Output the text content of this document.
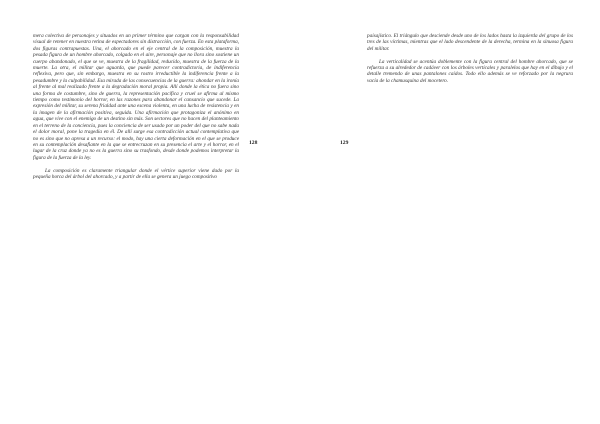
mera colectiva de personajes y situados en un primer término que cargan con la responsabilidad visual de retener en nuestra retina de espectadores sin distracción, con fuerza. En esta plataforma, dos figuras contrapuestas. Una, el ahorcado en el eje central de la composición, muestra la pesada figura de un hombre ahorcado, colgado en el aire, personaje que no llora sino sostiene un cuerpo abandonado, el que se ve, muestra de la fragilidad, reducido, muestra de la fuerza de la muerte. La otra, el militar que aguarda, que puede parecer contradictoria, de indiferencia reflexiva, pero que, sin embargo, muestra en su rostro irreductible la indiferencia frente a la pesadumbre y la culpabilidad. Esa mirada de las consecuencias de la guerra: ahondar en la ironía al frente al mal realizado frente a la degradación moral propia. Allí donde la ética no fuera sino una forma de costumbre, sino de guerra, la representación pacífica y cruel se afirma al mismo tiempo como testimonio del horror, en las razones para abandonar el cansancio que sucede. La expresión del militar, su serena frialdad ante una escena violenta, en una lucha de resistencia y en la imagen de la afirmación positiva, seguida. Una afirmación que protagoniza el anónimo en agua, que vive con el enemigo de un destino sin más. Son sectores que no hacen del planteamiento en el terreno de la conciencia, pues la conciencia de ser usado por un poder del que no sabe nada el dolor moral, pone la tragedia en él. De allí surge esa contradicción actual contemplativa que no es sino que no apresa a un recurso: el modo, hay una cierta deformación en el que se produce en su contemplación desafiante en la que se entrecruzan en su presencia el arte y el horror, en el lugar de la cruz donde ya no es la guerra sino su trasfondo, desde donde podemos interpretar la figura de la fuerza de la ley.

La composición es claramente triangular donde el vértice superior viene dado por la pequeña horca del árbol del ahorcado, y a partir de ella se genera un juego compositivo

128	129

paisajístico. El triángulo que desciende desde uno de los lados hasta la izquierda del grupo de los tres de las víctimas, mientras que el lado descendente de la derecha, termina en la sinuosa figura del militar.

La verticalidad se acentúa doblemente con la figura central del hombre ahorcado, que se refuerza a su alrededor de cadáver con los árboles verticales y paralelos que hay en el dibujo y el detalle tremendo de unas pantalones caídos. Todo ello además se ve reforzado por la negrura vacía de la chamusquina del mocetero.
